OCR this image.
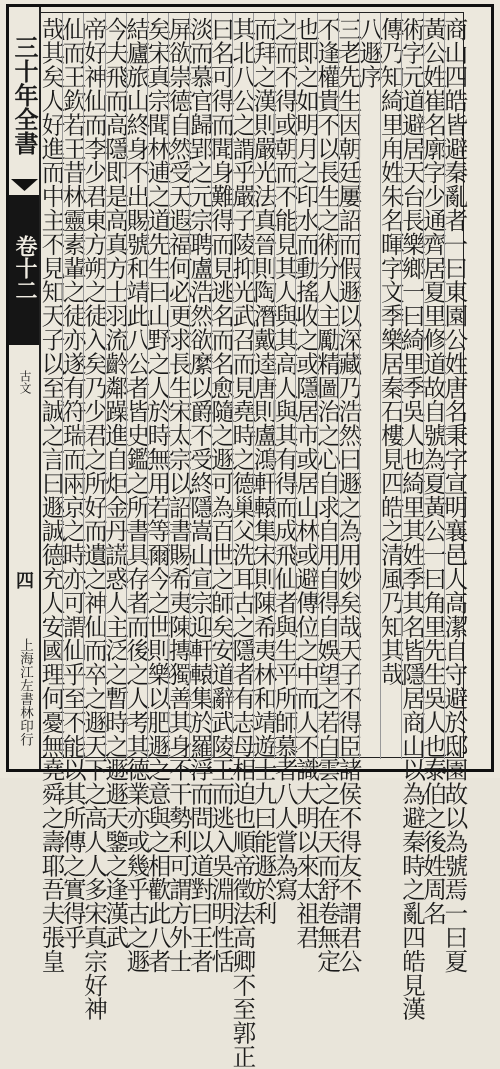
三十年全書
卷十二
古文
四
上海江左書林印行	商山四皓皆避秦亂者一曰東園公姓唐名秉字宣明襄邑人高潔自守避於邸園故以為號焉一曰夏
黃公姓崔名廓字少通齊居夏里修道故自號為夏黃公一曰角里先生吳人也泰伯之後姓周名
術字元道避居天台長樂鄉一曰綺里季吳人也綺里其姓季其名皆隱居商山以為避秦時之亂四皓見漢
傳乃知綺里甪姓朱名暉字文季樂居秦石樓見四皓之清風乃知其哉
八遯序
三老先生因朝廷屢詔而假遯以深藏乃浩然曰遯之為用妙矣哉天子不得臣諸侯不得友不謂君公
不逢權貴不以長生之術分人主勵精圖治之心自求自用自得自娛望之若白雲之在天而舒卷無定
也即之如明月之印水而動搖收之或隱居市或居山林或避傳位之中而人不識大明以來太祖君
之而不得或朝而不能見其人與其高人與其有得而成飛仙者與生平所師慕者八人嘗為寫
而拜之漢則嚴光法真晉則陶潛戴逵唐則盧鴻軒轅集宋則陳希夷林和靖遊士九曰能遯於利
其北八公之謂乎嚴子陵抑光武召而見堯時之德巢父洗耳古之隱者有志母相迫也順帝徵法高卿不至郭正
曰名可得而聞身難得而見逃名而名愈隨之遯可為百世之師矣安道辭武陵王而逃入吳淵明性恬
淡而慕官歸郢之元宗聘盧浩然欲縻以爵不受終隱嵩山宣宗迎軒轅集於羅浮而問以道對曰王者
屏欲崇德自然受天遐福何必更求長生宋太宗以詔書賜希夷陳摶獨善其身不干勢利可謂方外士
矣宋真宗聞林逋之道先生曰山野之人於時無用若等爾今之世則樂以肥遯之意與之相歡此八者
結廬旅山終身不出賜號和靖此八公者皆史鑑之所書具存者而後之人考其德業亦或幾乎古之遯
今夫飛而高隱即是高真方士羽流齡鄰躁進自炬金丹謊惑人主泛之暫時之遯遯天鑒之逢漢武
帝好神仙而李少君東方朔之徒入矣乃少君之所好而遺之神仙而卒之遯天下之高人人多宋真宗好神
仙而王欽若王昔林靈素輩之徒亦遂有符瑞而兩京之時亦可謂仙乎至不能以其所傳之實得乎
哉其矣人好進而中主不見知天子以至誠之言曰遯誠德充人安國理何憂無堯舜之壽耶吾夫張皇
